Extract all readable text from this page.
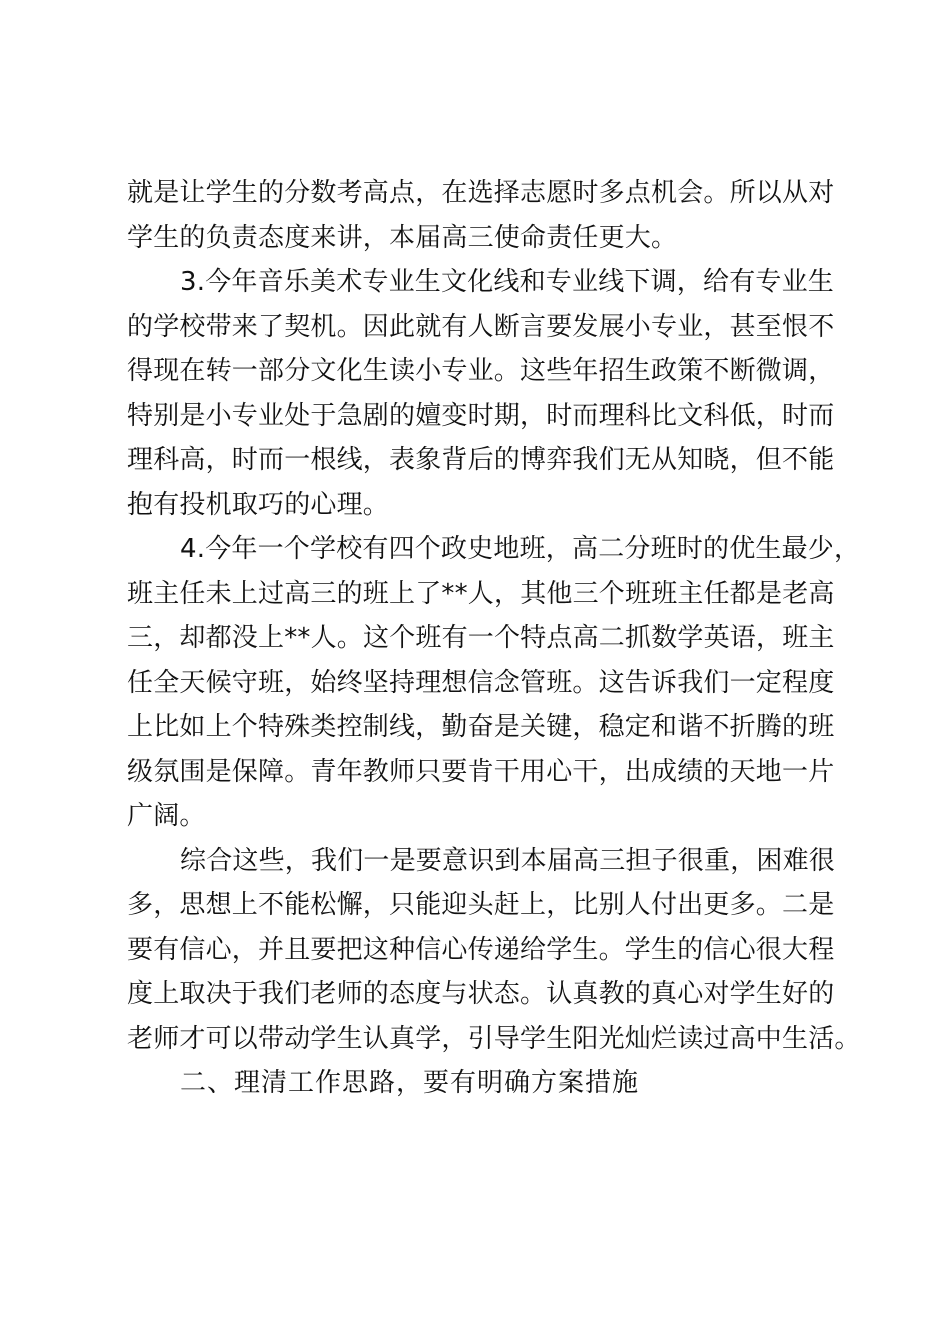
就是让学生的分数考高点，在选择志愿时多点机会。所以从对
学生的负责态度来讲，本届高三使命责任更大。
3.今年音乐美术专业生文化线和专业线下调，给有专业生
的学校带来了契机。因此就有人断言要发展小专业，甚至恨不
得现在转一部分文化生读小专业。这些年招生政策不断微调，
特别是小专业处于急剧的嬗变时期，时而理科比文科低，时而
理科高，时而一根线，表象背后的博弈我们无从知晓，但不能
抱有投机取巧的心理。
4.今年一个学校有四个政史地班，高二分班时的优生最少，
班主任未上过高三的班上了**人，其他三个班班主任都是老高
三，却都没上**人。这个班有一个特点高二抓数学英语，班主
任全天候守班，始终坚持理想信念管班。这告诉我们一定程度
上比如上个特殊类控制线，勤奋是关键，稳定和谐不折腾的班
级氛围是保障。青年教师只要肯干用心干，出成绩的天地一片
广阔。
综合这些，我们一是要意识到本届高三担子很重，困难很
多，思想上不能松懈，只能迎头赶上，比别人付出更多。二是
要有信心，并且要把这种信心传递给学生。学生的信心很大程
度上取决于我们老师的态度与状态。认真教的真心对学生好的
老师才可以带动学生认真学，引导学生阳光灿烂读过高中生活。
二、理清工作思路，要有明确方案措施
